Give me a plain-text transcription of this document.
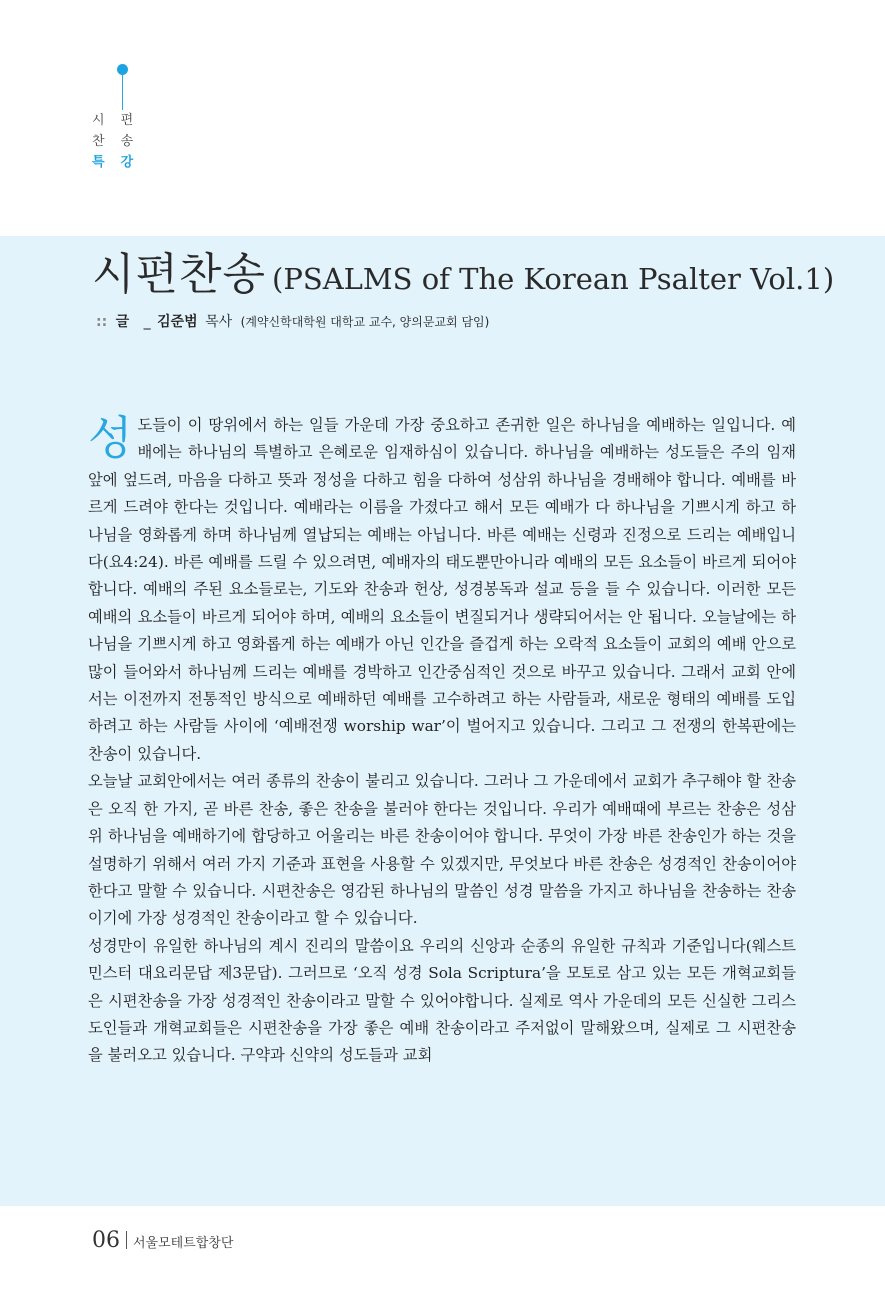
시 편
찬 송
특 강
시편찬송 (PSALMS of The Korean Psalter Vol.1)
:: 글 _ 김준범 목사 (계약신학대학원 대학교 교수, 양의문교회 담임)

성도들이 이 땅위에서 하는 일들 가운데 가장 중요하고 존귀한 일은 하나님을 예배하는 일입니다. 예배에는 하나님의 특별하고 은혜로운 임재하심이 있습니다. 하나님을 예배하는 성도들은 주의 임재 앞에 엎드려, 마음을 다하고 뜻과 정성을 다하고 힘을 다하여 성삼위 하나님을 경배해야 합니다. 예배를 바르게 드려야 한다는 것입니다. 예배라는 이름을 가졌다고 해서 모든 예배가 다 하나님을 기쁘시게 하고 하나님을 영화롭게 하며 하나님께 열납되는 예배는 아닙니다. 바른 예배는 신령과 진정으로 드리는 예배입니다(요4:24). 바른 예배를 드릴 수 있으려면, 예배자의 태도뿐만아니라 예배의 모든 요소들이 바르게 되어야 합니다. 예배의 주된 요소들로는, 기도와 찬송과 헌상, 성경봉독과 설교 등을 들 수 있습니다. 이러한 모든 예배의 요소들이 바르게 되어야 하며, 예배의 요소들이 변질되거나 생략되어서는 안 됩니다. 오늘날에는 하나님을 기쁘시게 하고 영화롭게 하는 예배가 아닌 인간을 즐겁게 하는 오락적 요소들이 교회의 예배 안으로 많이 들어와서 하나님께 드리는 예배를 경박하고 인간중심적인 것으로 바꾸고 있습니다. 그래서 교회 안에서는 이전까지 전통적인 방식으로 예배하던 예배를 고수하려고 하는 사람들과, 새로운 형태의 예배를 도입하려고 하는 사람들 사이에 ‘예배전쟁 worship war’이 벌어지고 있습니다. 그리고 그 전쟁의 한복판에는 찬송이 있습니다.

오늘날 교회안에서는 여러 종류의 찬송이 불리고 있습니다. 그러나 그 가운데에서 교회가 추구해야 할 찬송은 오직 한 가지, 곧 바른 찬송, 좋은 찬송을 불러야 한다는 것입니다. 우리가 예배때에 부르는 찬송은 성삼위 하나님을 예배하기에 합당하고 어울리는 바른 찬송이어야 합니다. 무엇이 가장 바른 찬송인가 하는 것을 설명하기 위해서 여러 가지 기준과 표현을 사용할 수 있겠지만, 무엇보다 바른 찬송은 성경적인 찬송이어야 한다고 말할 수 있습니다. 시편찬송은 영감된 하나님의 말씀인 성경 말씀을 가지고 하나님을 찬송하는 찬송이기에 가장 성경적인 찬송이라고 할 수 있습니다.

성경만이 유일한 하나님의 계시 진리의 말씀이요 우리의 신앙과 순종의 유일한 규칙과 기준입니다(웨스트민스터 대요리문답 제3문답). 그러므로 ‘오직 성경 Sola Scriptura’을 모토로 삼고 있는 모든 개혁교회들은 시편찬송을 가장 성경적인 찬송이라고 말할 수 있어야합니다. 실제로 역사 가운데의 모든 신실한 그리스도인들과 개혁교회들은 시편찬송을 가장 좋은 예배 찬송이라고 주저없이 말해왔으며, 실제로 그 시편찬송을 불러오고 있습니다. 구약과 신약의 성도들과 교회

06 서울모테트합창단
